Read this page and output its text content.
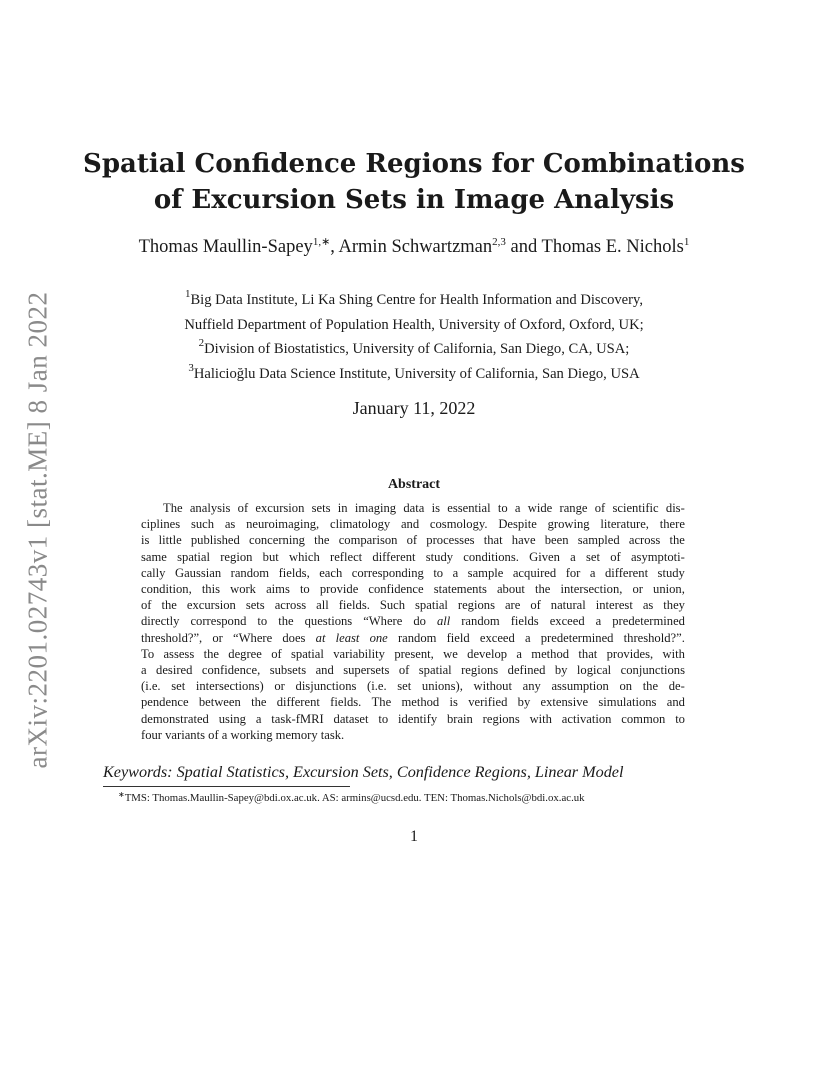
arXiv:2201.02743v1 [stat.ME] 8 Jan 2022
Spatial Confidence Regions for Combinations
of Excursion Sets in Image Analysis
Thomas Maullin-Sapey$^{1,∗}$, Armin Schwartzman$^{2,3}$ and Thomas E. Nichols$^1$
$^1$Big Data Institute, Li Ka Shing Centre for Health Information and Discovery,
Nuffield Department of Population Health, University of Oxford, Oxford, UK;
$^2$Division of Biostatistics, University of California, San Diego, CA, USA;
$^3$Halicioğlu Data Science Institute, University of California, San Diego, USA
January 11, 2022
Abstract
The analysis of excursion sets in imaging data is essential to a wide range of scientific dis-
ciplines such as neuroimaging, climatology and cosmology. Despite growing literature, there
is little published concerning the comparison of processes that have been sampled across the
same spatial region but which reflect different study conditions. Given a set of asymptoti-
cally Gaussian random fields, each corresponding to a sample acquired for a different study
condition, this work aims to provide confidence statements about the intersection, or union,
of the excursion sets across all fields. Such spatial regions are of natural interest as they
directly correspond to the questions “Where do all random fields exceed a predetermined
threshold?”, or “Where does at least one random field exceed a predetermined threshold?”.
To assess the degree of spatial variability present, we develop a method that provides, with
a desired confidence, subsets and supersets of spatial regions defined by logical conjunctions
(i.e. set intersections) or disjunctions (i.e. set unions), without any assumption on the de-
pendence between the different fields. The method is verified by extensive simulations and
demonstrated using a task-fMRI dataset to identify brain regions with activation common to
four variants of a working memory task.
Keywords: Spatial Statistics, Excursion Sets, Confidence Regions, Linear Model
∗TMS: Thomas.Maullin-Sapey@bdi.ox.ac.uk. AS: armins@ucsd.edu. TEN: Thomas.Nichols@bdi.ox.ac.uk
1
